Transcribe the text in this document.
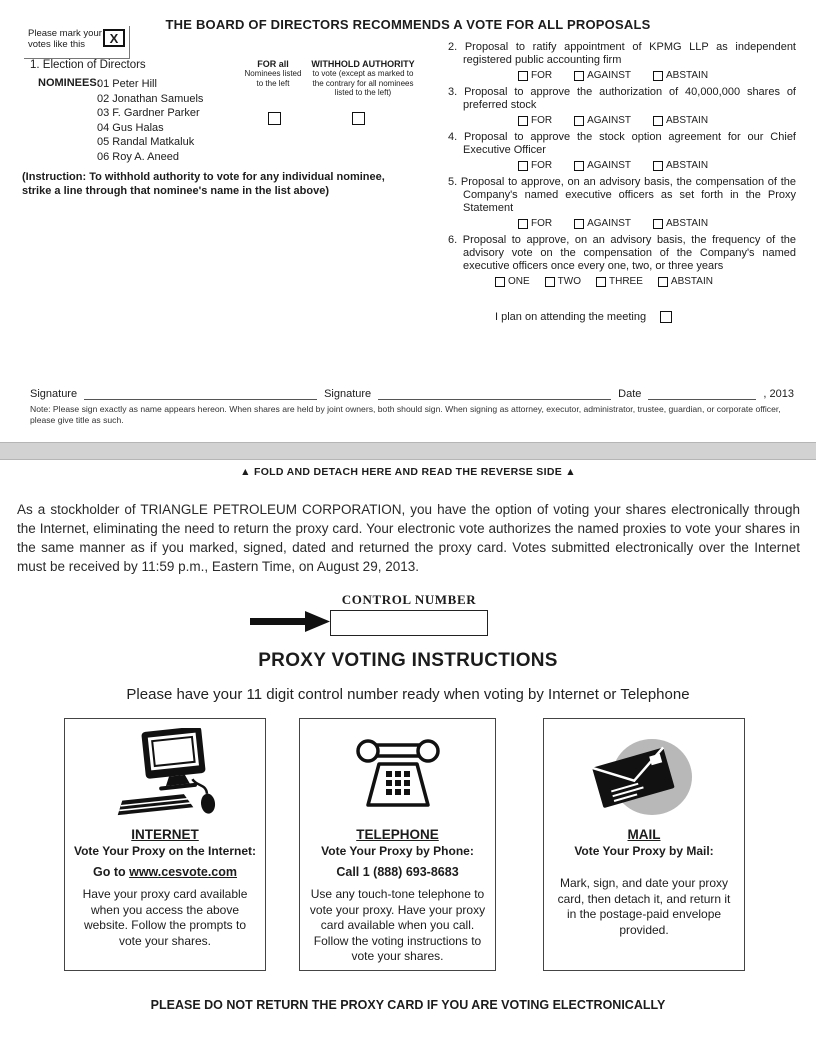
THE BOARD OF DIRECTORS RECOMMENDS A VOTE FOR ALL PROPOSALS
Please mark your votes like this	X
1. Election of Directors
NOMINEES:
01 Peter Hill
02 Jonathan Samuels
03 F. Gardner Parker
04 Gus Halas
05 Randal Matkaluk
06 Roy A. Aneed
FOR all
Nominees listed to the left
WITHHOLD AUTHORITY
to vote (except as marked to the contrary for all nominees listed to the left)
(Instruction: To withhold authority to vote for any individual nominee,
strike a line through that nominee's name in the list above)
2. Proposal to ratify appointment of KPMG LLP as independent registered public accounting firm
FOR	AGAINST	ABSTAIN
3. Proposal to approve the authorization of 40,000,000 shares of preferred stock
FOR	AGAINST	ABSTAIN
4. Proposal to approve the stock option agreement for our Chief Executive Officer
FOR	AGAINST	ABSTAIN
5. Proposal to approve, on an advisory basis, the compensation of the Company's named executive officers as set forth in the Proxy Statement
FOR	AGAINST	ABSTAIN
6. Proposal to approve, on an advisory basis, the frequency of the advisory vote on the compensation of the Company's named executive officers once every one, two, or three years
ONE	TWO	THREE	ABSTAIN
I plan on attending the meeting
Signature	Signature	Date	, 2013
Note: Please sign exactly as name appears hereon. When shares are held by joint owners, both should sign. When signing as attorney, executor, administrator, trustee, guardian, or corporate officer, please give title as such.
▲ FOLD AND DETACH HERE AND READ THE REVERSE SIDE ▲
As a stockholder of TRIANGLE PETROLEUM CORPORATION, you have the option of voting your shares electronically through the Internet, eliminating the need to return the proxy card. Your electronic vote authorizes the named proxies to vote your shares in the same manner as if you marked, signed, dated and returned the proxy card. Votes submitted electronically over the Internet must be received by 11:59 p.m., Eastern Time, on August 29, 2013.
CONTROL NUMBER
PROXY VOTING INSTRUCTIONS
Please have your 11 digit control number ready when voting by Internet or Telephone
INTERNET
Vote Your Proxy on the Internet:
Go to www.cesvote.com
Have your proxy card available when you access the above website. Follow the prompts to vote your shares.
TELEPHONE
Vote Your Proxy by Phone:
Call 1 (888) 693-8683
Use any touch-tone telephone to vote your proxy. Have your proxy card available when you call. Follow the voting instructions to vote your shares.
MAIL
Vote Your Proxy by Mail:
Mark, sign, and date your proxy card, then detach it, and return it in the postage-paid envelope provided.
PLEASE DO NOT RETURN THE PROXY CARD IF YOU ARE VOTING ELECTRONICALLY
